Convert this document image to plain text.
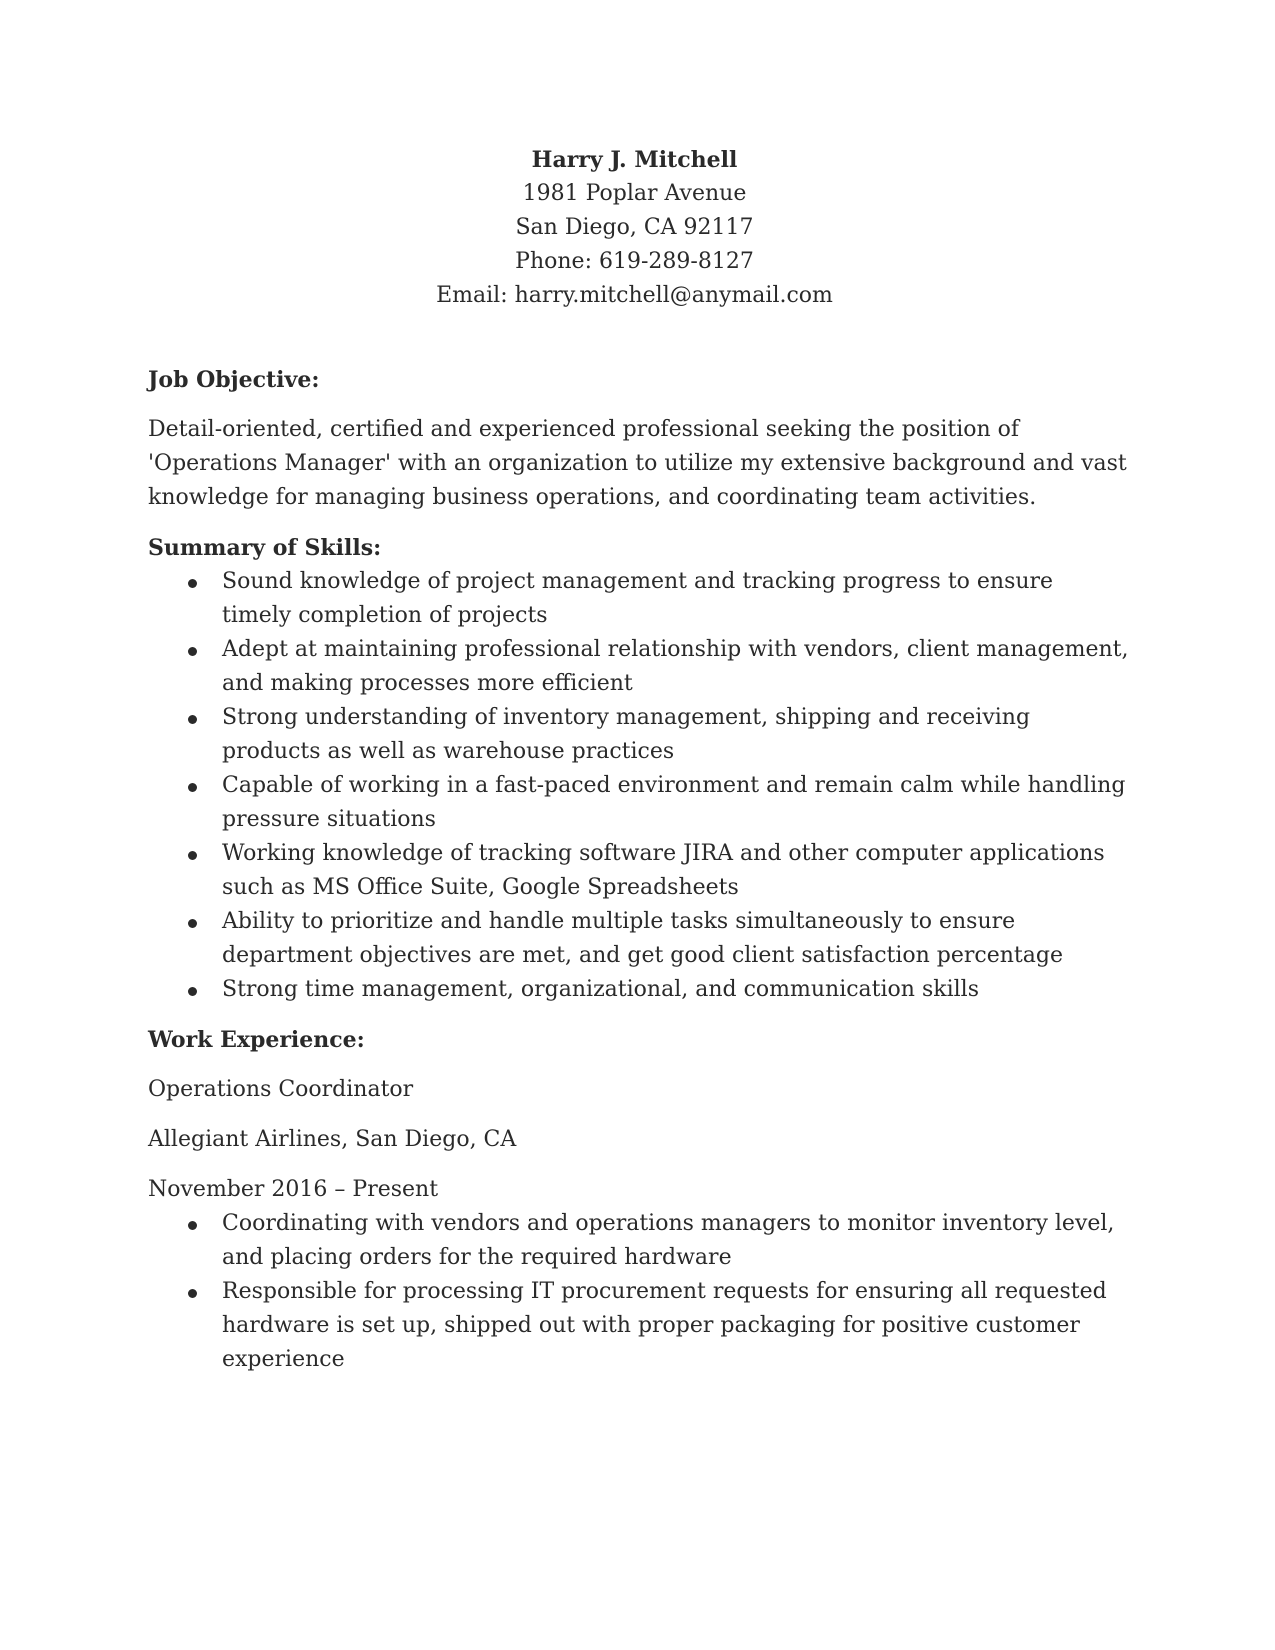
Harry J. Mitchell
1981 Poplar Avenue
San Diego, CA 92117
Phone: 619-289-8127
Email: harry.mitchell@anymail.com
Job Objective:

Detail-oriented, certified and experienced professional seeking the position of 'Operations Manager' with an organization to utilize my extensive background and vast knowledge for managing business operations, and coordinating team activities.

Summary of Skills:
Sound knowledge of project management and tracking progress to ensure timely completion of projects
Adept at maintaining professional relationship with vendors, client management, and making processes more efficient
Strong understanding of inventory management, shipping and receiving products as well as warehouse practices
Capable of working in a fast-paced environment and remain calm while handling pressure situations
Working knowledge of tracking software JIRA and other computer applications such as MS Office Suite, Google Spreadsheets
Ability to prioritize and handle multiple tasks simultaneously to ensure department objectives are met, and get good client satisfaction percentage
Strong time management, organizational, and communication skills
Work Experience:
Operations Coordinator
Allegiant Airlines, San Diego, CA
November 2016 – Present
Coordinating with vendors and operations managers to monitor inventory level, and placing orders for the required hardware
Responsible for processing IT procurement requests for ensuring all requested hardware is set up, shipped out with proper packaging for positive customer experience
